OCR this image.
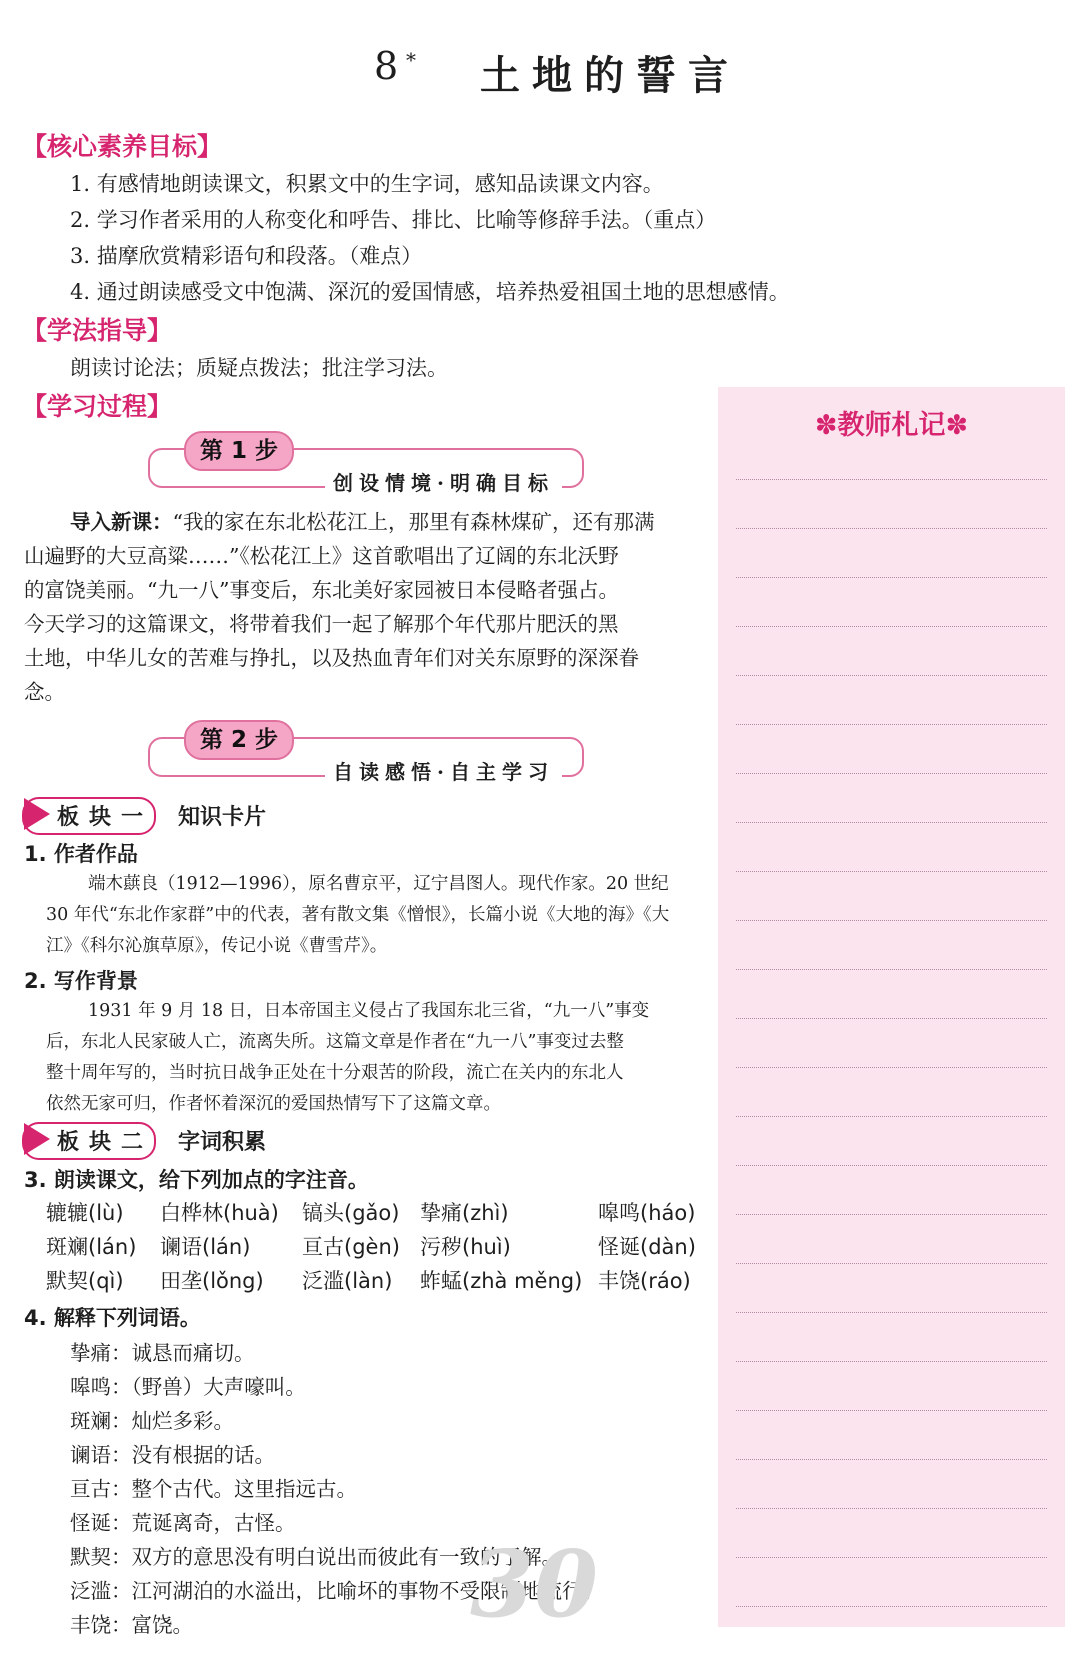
8 * 土地的誓言
【核心素养目标】
1. 有感情地朗读课文，积累文中的生字词，感知品读课文内容。
2. 学习作者采用的人称变化和呼告、排比、比喻等修辞手法。（重点）
3. 描摩欣赏精彩语句和段落。（难点）
4. 通过朗读感受文中饱满、深沉的爱国情感，培养热爱祖国土地的思想感情。
【学法指导】
朗读讨论法；质疑点拨法；批注学习法。
【学习过程】
第 1 步
创设情境·明确目标
导入新课：“我的家在东北松花江上，那里有森林煤矿，还有那满
山遍野的大豆高粱……”《松花江上》这首歌唱出了辽阔的东北沃野
的富饶美丽。“九一八”事变后，东北美好家园被日本侵略者强占。
今天学习的这篇课文，将带着我们一起了解那个年代那片肥沃的黑
土地，中华儿女的苦难与挣扎，以及热血青年们对关东原野的深深眷
念。
第 2 步
自读感悟·自主学习
板块一 知识卡片
1. 作者作品
端木蕻良（1912—1996），原名曹京平，辽宁昌图人。现代作家。20 世纪
30 年代“东北作家群”中的代表，著有散文集《憎恨》，长篇小说《大地的海》《大
江》《科尔沁旗草原》，传记小说《曹雪芹》。
2. 写作背景
1931 年 9 月 18 日，日本帝国主义侵占了我国东北三省，“九一八”事变
后，东北人民家破人亡，流离失所。这篇文章是作者在“九一八”事变过去整
整十周年写的，当时抗日战争正处在十分艰苦的阶段，流亡在关内的东北人
依然无家可归，作者怀着深沉的爱国热情写下了这篇文章。
板块二 字词积累
3. 朗读课文，给下列加点的字注音。
辘辘(lù) 白桦林(huà) 镐头(gǎo) 挚痛(zhì)	嗥鸣(háo)
斑斓(lán) 谰语(lán) 亘古(gèn) 污秽(huì)	怪诞(dàn)
默契(qì) 田垄(lǒng) 泛滥(làn) 蚱蜢(zhà měng) 丰饶(ráo)
4. 解释下列词语。
挚痛：诚恳而痛切。
嗥鸣：（野兽）大声嚎叫。
斑斓：灿烂多彩。
谰语：没有根据的话。
亘古：整个古代。这里指远古。
怪诞：荒诞离奇，古怪。
默契：双方的意思没有明白说出而彼此有一致的了解。
泛滥：江河湖泊的水溢出，比喻坏的事物不受限制地流行。
丰饶：富饶。	30
✽教师札记✽
